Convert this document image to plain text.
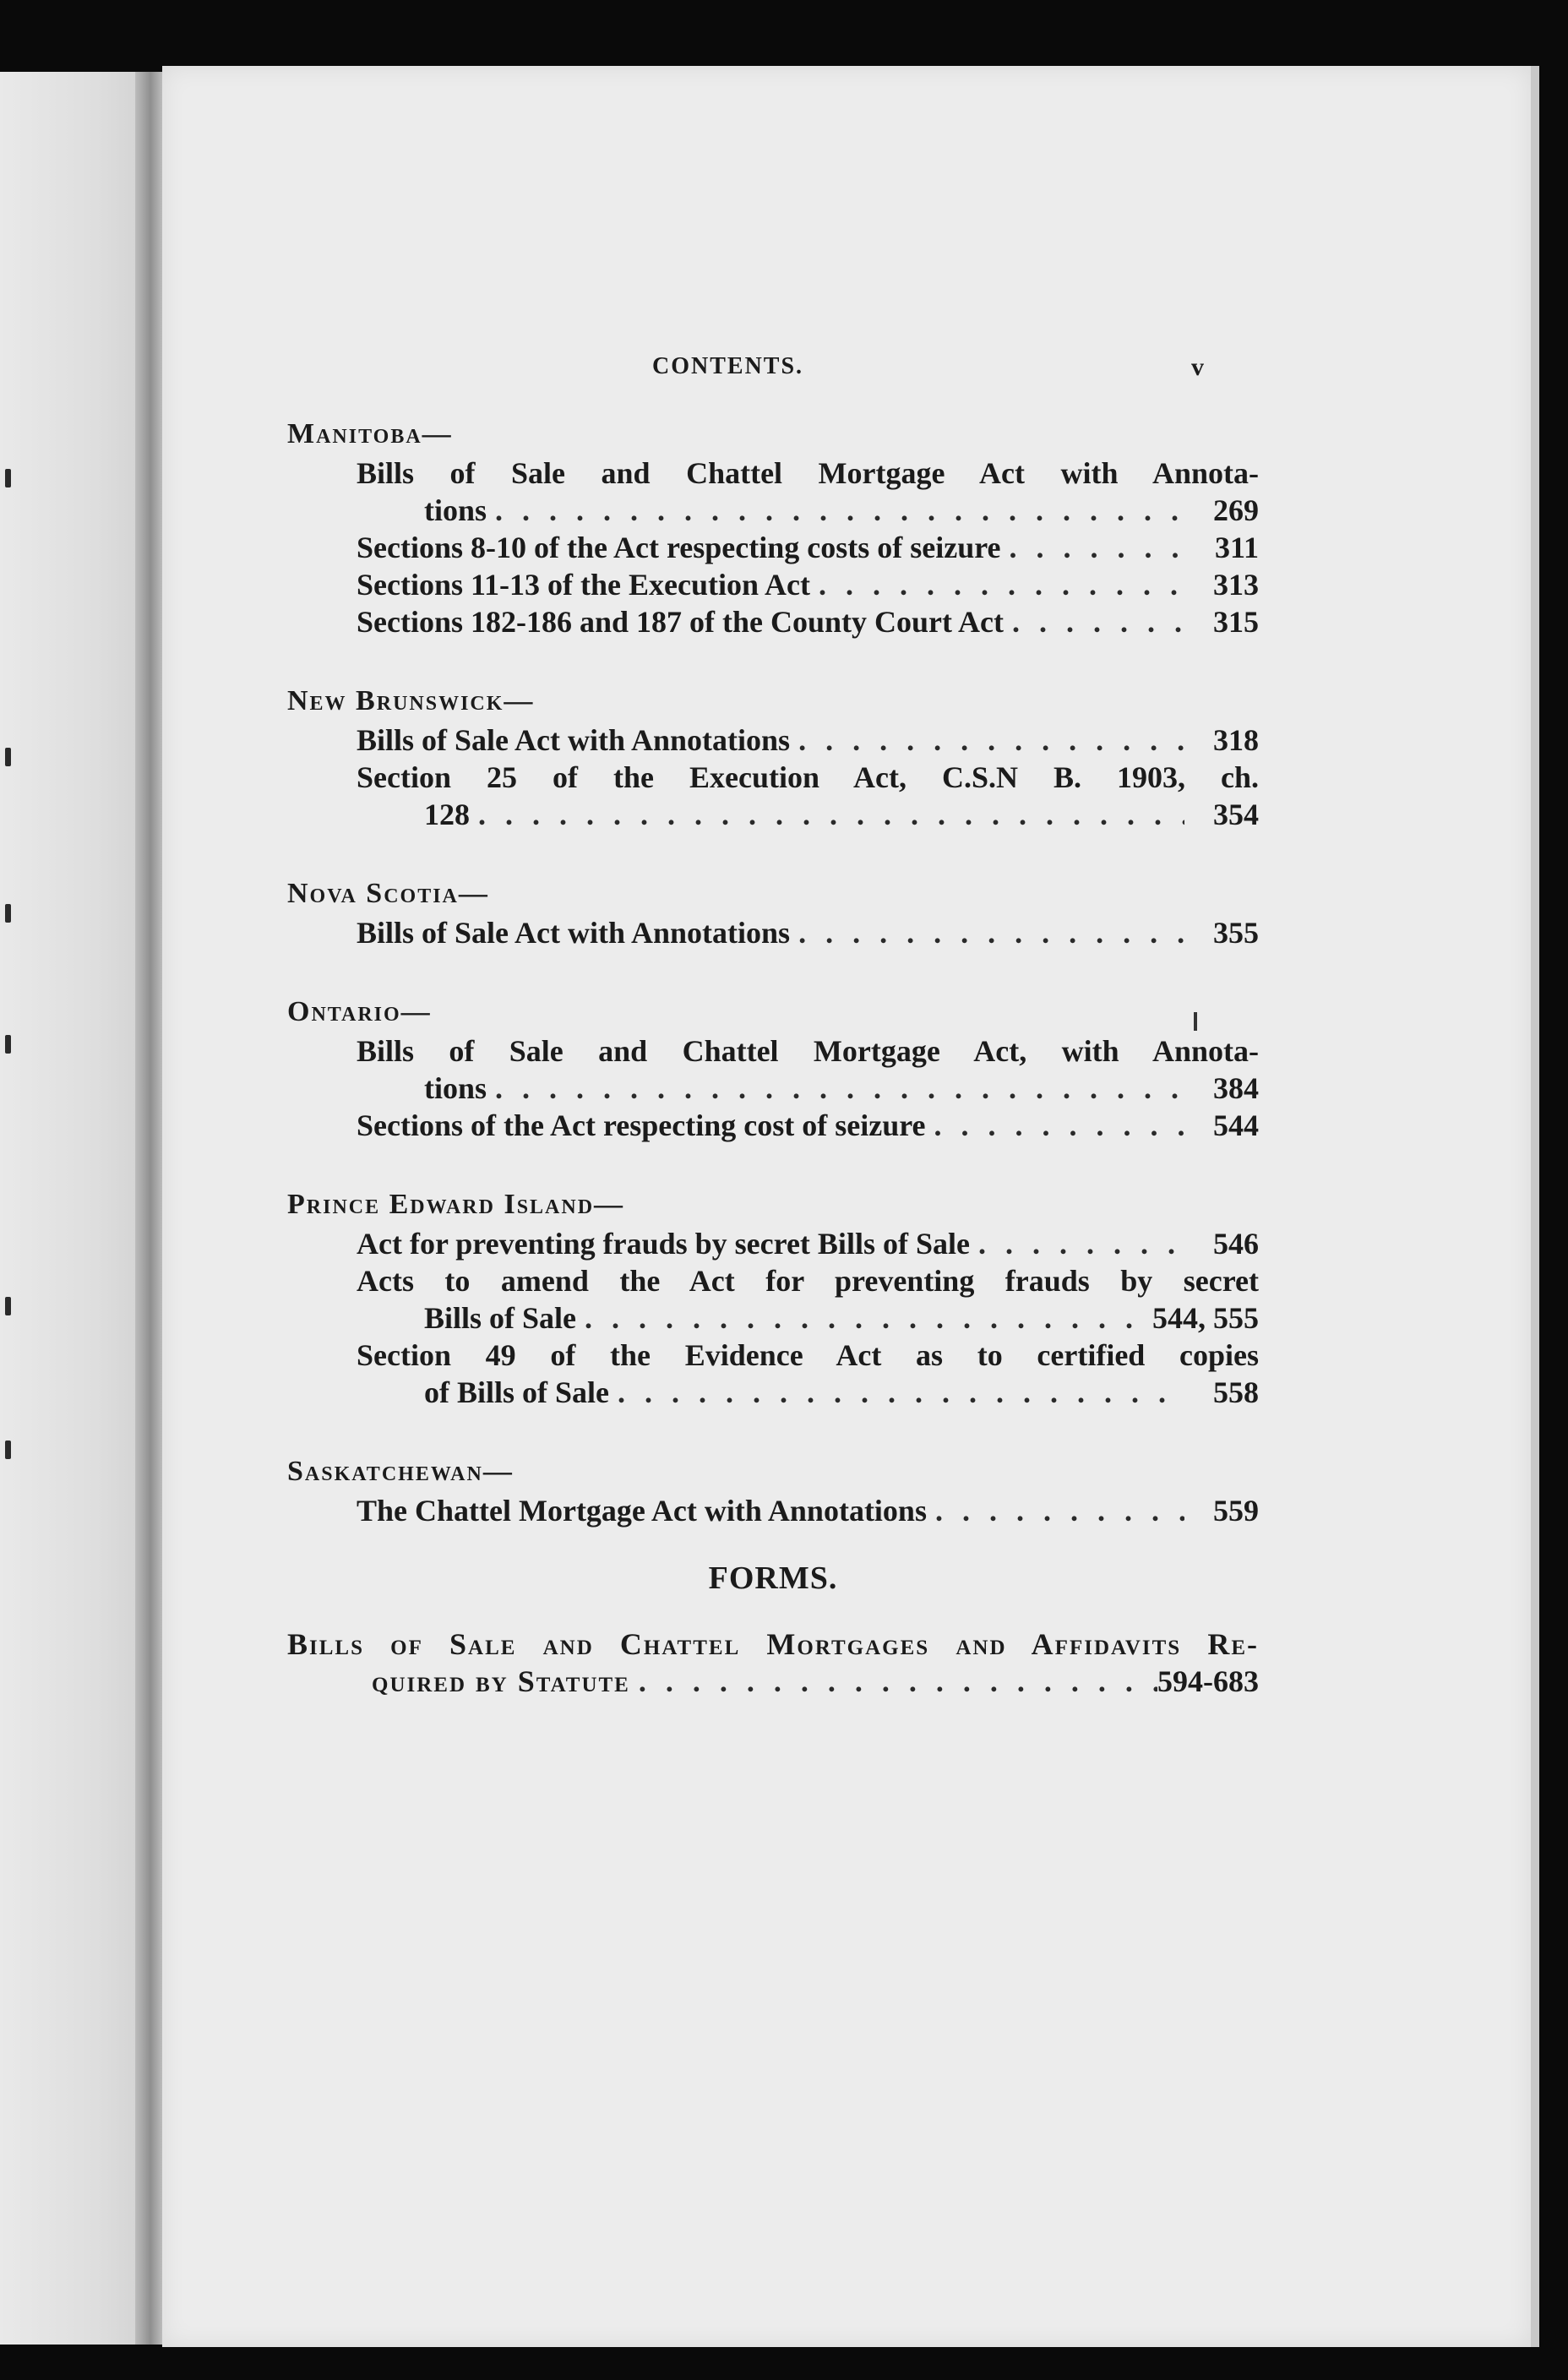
CONTENTS.	v
Manitoba—
Bills of Sale and Chattel Mortgage Act with Annota-
tions . . .	269
Sections 8-10 of the Act respecting costs of seizure . . .	311
Sections 11-13 of the Execution Act . . .	313
Sections 182-186 and 187 of the County Court Act . . .	315
New Brunswick—
Bills of Sale Act with Annotations . . .	318
Section 25 of the Execution Act, C.S.N B. 1903, ch.
128 . . .	354
Nova Scotia—
Bills of Sale Act with Annotations . . .	355
Ontario—
Bills of Sale and Chattel Mortgage Act, with Annota-
tions . . .	384
Sections of the Act respecting cost of seizure . . .	544
Prince Edward Island—
Act for preventing frauds by secret Bills of Sale . . .	546
Acts to amend the Act for preventing frauds by secret
Bills of Sale . . .	544, 555
Section 49 of the Evidence Act as to certified copies
of Bills of Sale . . .	558
Saskatchewan—
The Chattel Mortgage Act with Annotations . . .	559
FORMS.
Bills of Sale and Chattel Mortgages and Affidavits Re-
quired by Statute . . .	594-683
